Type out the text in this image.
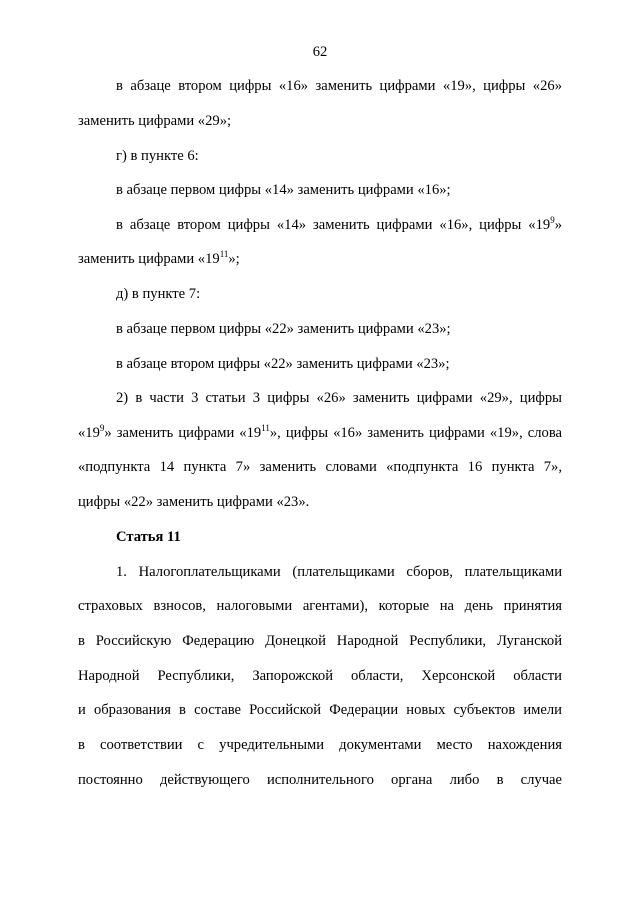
62
в абзаце втором цифры «16» заменить цифрами «19», цифры «26»
заменить цифрами «29»;
г) в пункте 6:
в абзаце первом цифры «14» заменить цифрами «16»;
в абзаце втором цифры «14» заменить цифрами «16», цифры «$19^9$»
заменить цифрами «$19^{11}$»;
д) в пункте 7:
в абзаце первом цифры «22» заменить цифрами «23»;
в абзаце втором цифры «22» заменить цифрами «23»;
2) в части 3 статьи 3 цифры «26» заменить цифрами «29», цифры
«$19^9$» заменить цифрами «$19^{11}$», цифры «16» заменить цифрами «19», слова
«подпункта 14 пункта 7» заменить словами «подпункта 16 пункта 7»,
цифры «22» заменить цифрами «23».
Статья 11
1. Налогоплательщиками (плательщиками сборов, плательщиками
страховых взносов, налоговыми агентами), которые на день принятия
в Российскую Федерацию Донецкой Народной Республики, Луганской
Народной Республики, Запорожской области, Херсонской области
и образования в составе Российской Федерации новых субъектов имели
в соответствии с учредительными документами место нахождения
постоянно действующего исполнительного органа либо в случае
